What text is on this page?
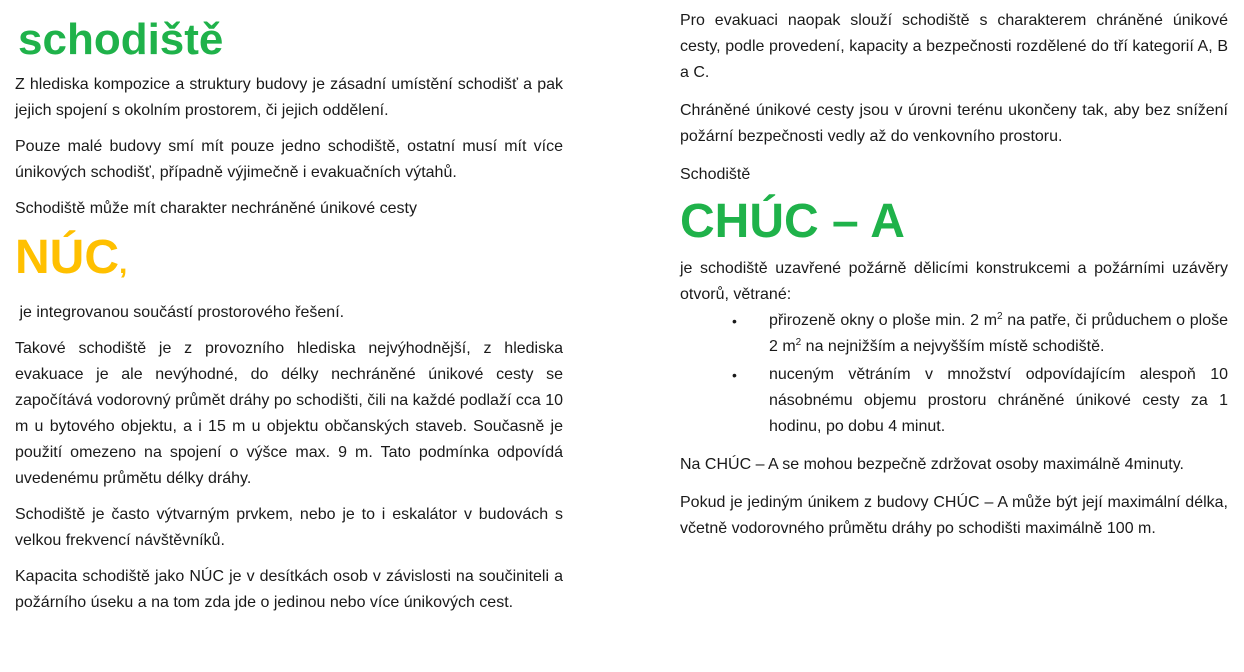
schodiště

Z hlediska kompozice a struktury budovy je zásadní umístění schodišť a pak jejich spojení s okolním prostorem, či jejich oddělení.

Pouze malé budovy smí mít pouze jedno schodiště, ostatní musí mít více únikových schodišť, případně výjimečně i evakuačních výtahů.

Schodiště může mít charakter nechráněné únikové cesty

NÚC,

je integrovanou součástí prostorového řešení.

Takové schodiště je z provozního hlediska nejvýhodnější, z hlediska evakuace je ale nevýhodné, do délky nechráněné únikové cesty se započítává vodorovný průmět dráhy po schodišti, čili na každé podlaží cca 10 m u bytového objektu, a i 15 m u objektu občanských staveb. Současně je použití omezeno na spojení o výšce max. 9 m. Tato podmínka odpovídá uvedenému průmětu délky dráhy.

Schodiště je často výtvarným prvkem, nebo je to i eskalátor v budovách s velkou frekvencí návštěvníků.

Kapacita schodiště jako NÚC je v desítkách osob v závislosti na součiniteli a požárního úseku a na tom zda jde o jedinou nebo více únikových cest.

Pro evakuaci naopak slouží schodiště s charakterem chráněné únikové cesty, podle provedení, kapacity a bezpečnosti rozdělené do tří kategorií A, B a C.

Chráněné únikové cesty jsou v úrovni terénu ukončeny tak, aby bez snížení požární bezpečnosti vedly až do venkovního prostoru.

Schodiště

CHÚC – A

je schodiště uzavřené požárně dělicími konstrukcemi a požárními uzávěry otvorů, větrané:

• přirozeně okny o ploše min. 2 $m^2$ na patře, či průduchem o ploše 2 $m^2$ na nejnižším a nejvyšším místě schodiště.
• nuceným větráním v množství odpovídajícím alespoň 10 násobnému objemu prostoru chráněné únikové cesty za 1 hodinu, po dobu 4 minut.

Na CHÚC – A se mohou bezpečně zdržovat osoby maximálně 4minuty.

Pokud je jediným únikem z budovy CHÚC – A může být její maximální délka, včetně vodorovného průmětu dráhy po schodišti maximálně 100 m.
